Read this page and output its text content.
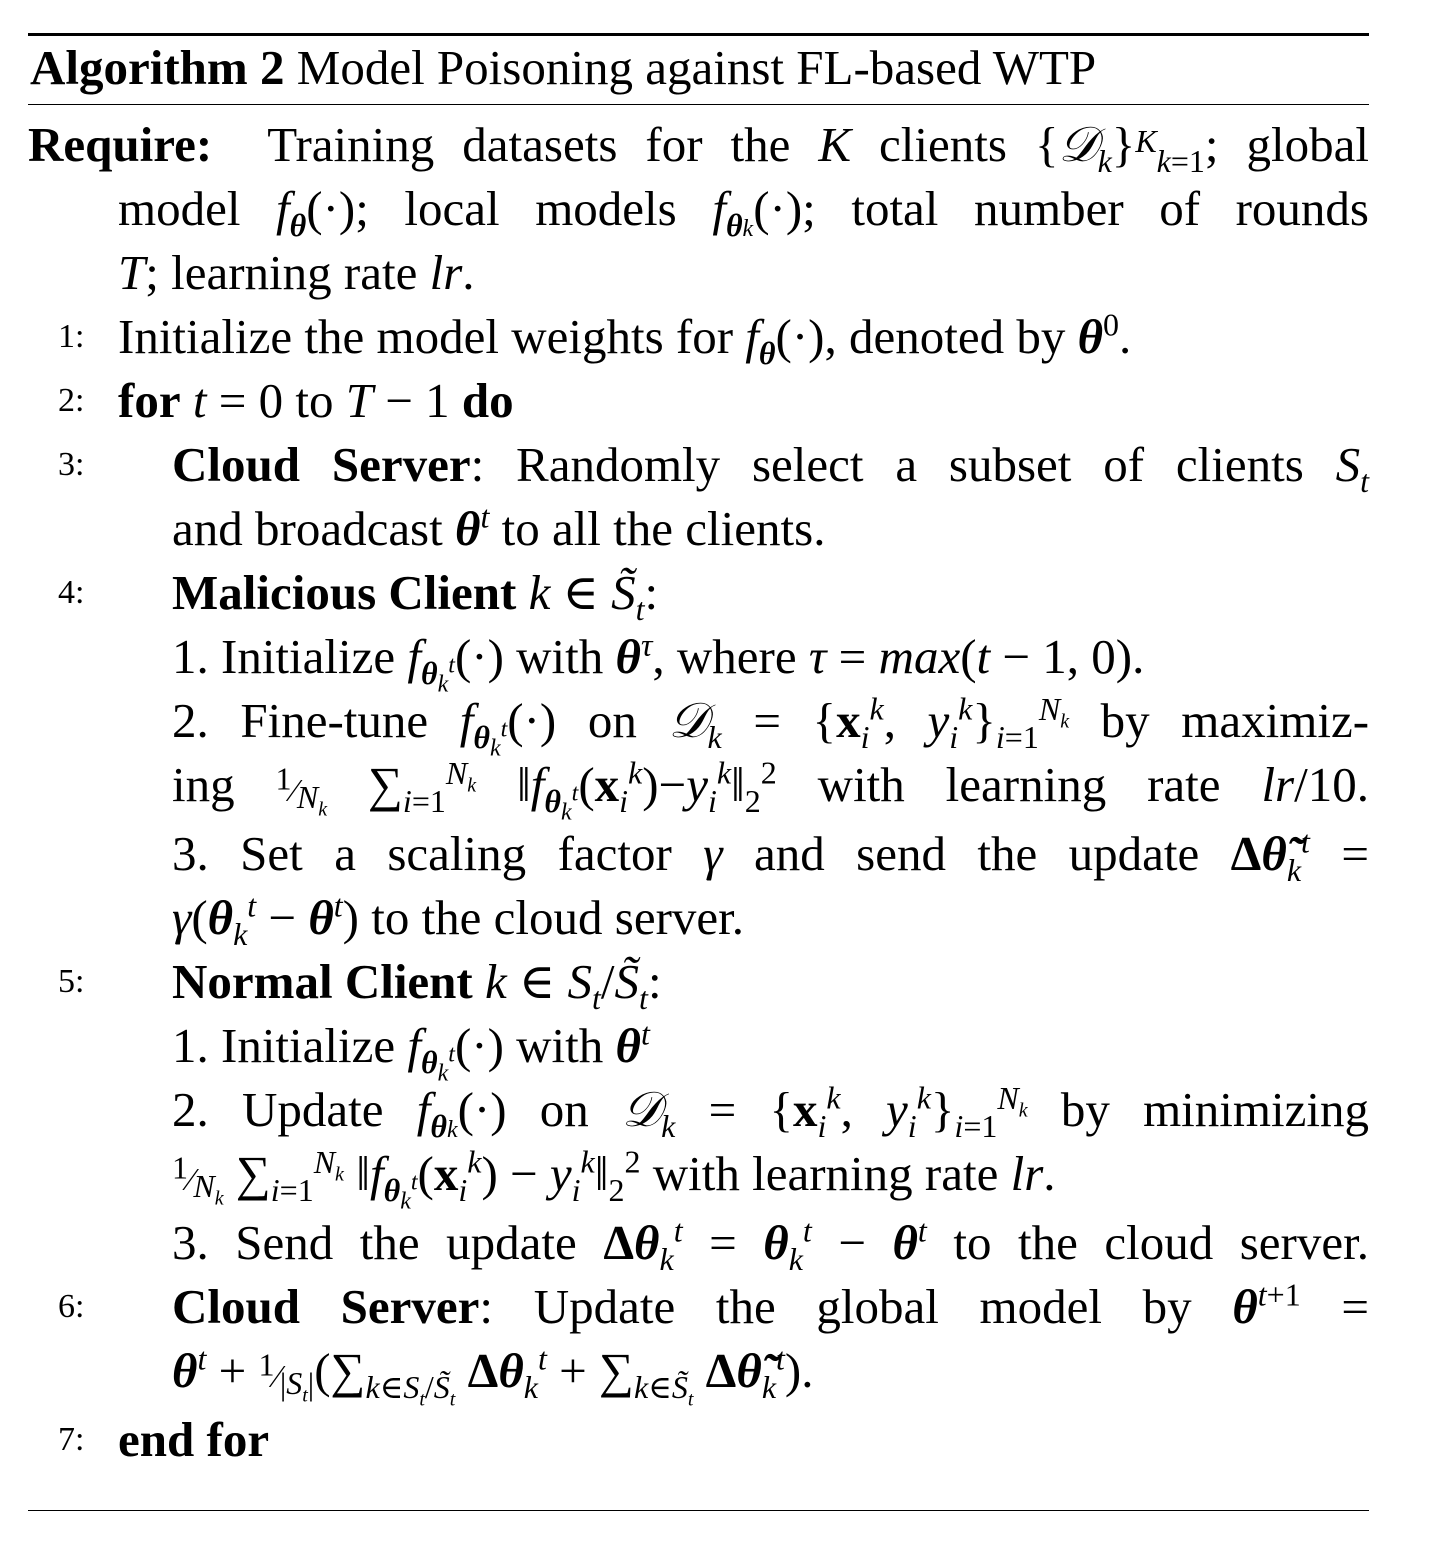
Algorithm 2 Model Poisoning against FL-based WTP
Require:  Training datasets for the K clients $\{𝒟_k\}_{Kk=1}$; global
model $f_\theta(\cdot)$; local models $f_{\theta k}(\cdot)$; total number of rounds
T; learning rate lr.
1: Initialize the model weights for $f_\theta(\cdot)$, denoted by $\theta^0$.
2: for t = 0 to T − 1 do
3: Cloud Server: Randomly select a subset of clients $S_t$
and broadcast $\theta^t$ to all the clients.
4: Malicious Client k ∈ $S̃_t$:
1. Initialize $f_{\theta_k^t}(\cdot)$ with $\theta^\tau$, where τ = max(t − 1, 0).
2. Fine-tune $f_{\theta_k^t}(\cdot)$ on 𝒟$_k$ = {$x_i^k$, $y_i^k\}_{i=1}^{N_k}$ by maximiz-
ing $^1⁄_{N_k}$ $\sum_{i=1}^{N_k}$ $‖f_{\theta_k^t}(x_i^k)-y_i^k‖_2^2$ with learning rate lr/10.
3. Set a scaling factor γ and send the update $\Delta\thetã_k^t$ =
$\gamma(\theta_k^t - \theta^t)$ to the cloud server.
5: Normal Client k ∈ $S_t/S̃_t$:
1. Initialize $f_{\theta_k^t}(\cdot)$ with $\theta^t$
2. Update $f_{\theta k}(\cdot)$ on 𝒟$_k$ = {$x_i^k$, $y_i^k\}_{i=1}^{N_k}$ by minimizing
$^1⁄_{N_k}$ $\sum_{i=1}^{N_k}$ $‖f_{\theta_k^t}(x_i^k)$ − $y_i^k‖_2^2$ with learning rate lr.
3. Send the update $\Delta\theta_k^t = \theta_k^t - \theta^t$ to the cloud server.
6: Cloud Server: Update the global model by $\theta^{t+1}$ =
$\theta^t$ + $^1⁄_{|S_t|}(\sum_{k\in S_t/S̃_t}$ $\Delta\theta_k^t + \sum_{k\in S̃_t}$ $\Delta\thetã_k^t$).
7: end for
